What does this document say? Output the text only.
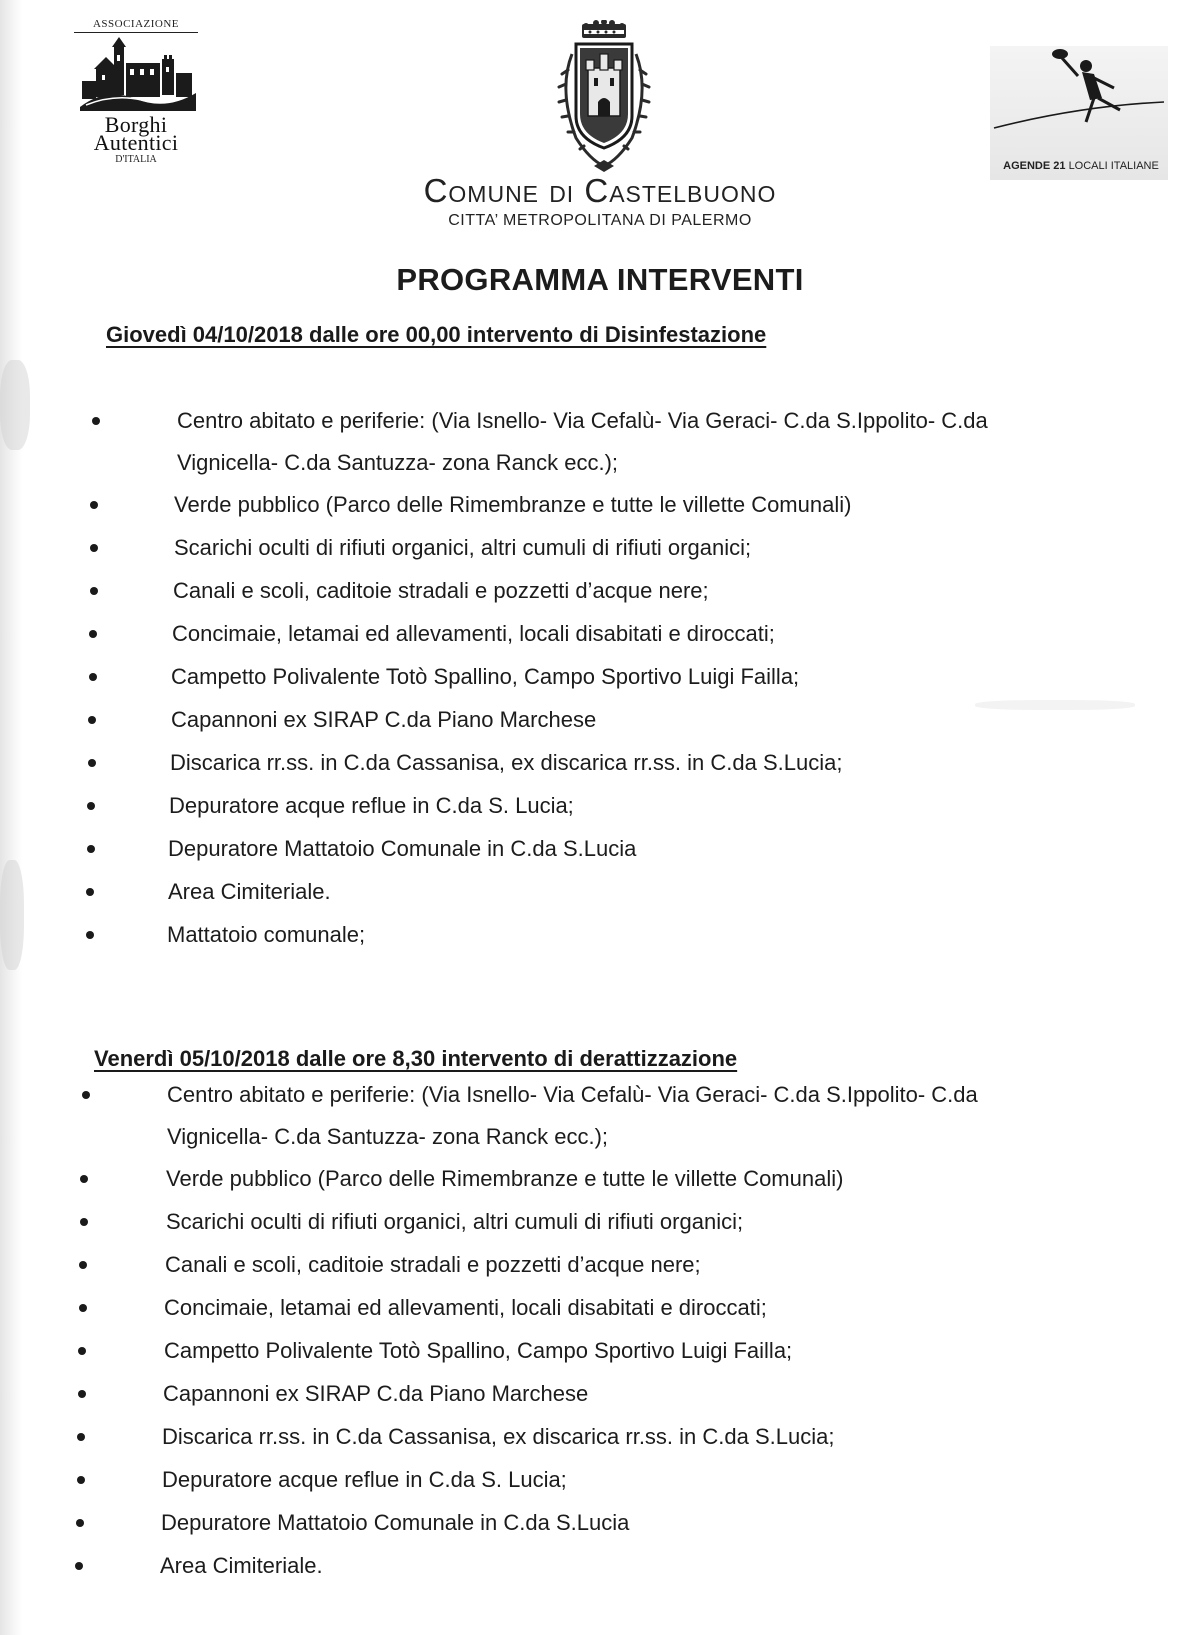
ASSOCIAZIONE
Borghi
Autentici
D'ITALIA
AGENDE 21 LOCALI ITALIANE
Comune di Castelbuono
CITTA’ METROPOLITANA DI PALERMO
PROGRAMMA INTERVENTI
Giovedì 04/10/2018 dalle ore 00,00 intervento di Disinfestazione
Centro abitato e periferie: (Via Isnello- Via Cefalù- Via Geraci- C.da S.Ippolito- C.da
Vignicella- C.da Santuzza- zona Ranck ecc.);
Verde pubblico (Parco delle Rimembranze e tutte le villette Comunali)
Scarichi oculti di rifiuti organici, altri cumuli di rifiuti organici;
Canali e scoli, caditoie stradali e pozzetti d’acque nere;
Concimaie, letamai ed allevamenti, locali disabitati e diroccati;
Campetto Polivalente Totò Spallino, Campo Sportivo Luigi Failla;
Capannoni ex SIRAP C.da Piano Marchese
Discarica rr.ss. in C.da Cassanisa, ex discarica rr.ss. in C.da S.Lucia;
Depuratore acque reflue in C.da S. Lucia;
Depuratore Mattatoio Comunale in C.da S.Lucia
Area Cimiteriale.
Mattatoio comunale;
Venerdì 05/10/2018 dalle ore 8,30 intervento di derattizzazione
Centro abitato e periferie: (Via Isnello- Via Cefalù- Via Geraci- C.da S.Ippolito- C.da
Vignicella- C.da Santuzza- zona Ranck ecc.);
Verde pubblico (Parco delle Rimembranze e tutte le villette Comunali)
Scarichi oculti di rifiuti organici, altri cumuli di rifiuti organici;
Canali e scoli, caditoie stradali e pozzetti d’acque nere;
Concimaie, letamai ed allevamenti, locali disabitati e diroccati;
Campetto Polivalente Totò Spallino, Campo Sportivo Luigi Failla;
Capannoni ex SIRAP C.da Piano Marchese
Discarica rr.ss. in C.da Cassanisa, ex discarica rr.ss. in C.da S.Lucia;
Depuratore acque reflue in C.da S. Lucia;
Depuratore Mattatoio Comunale in C.da S.Lucia
Area Cimiteriale.
